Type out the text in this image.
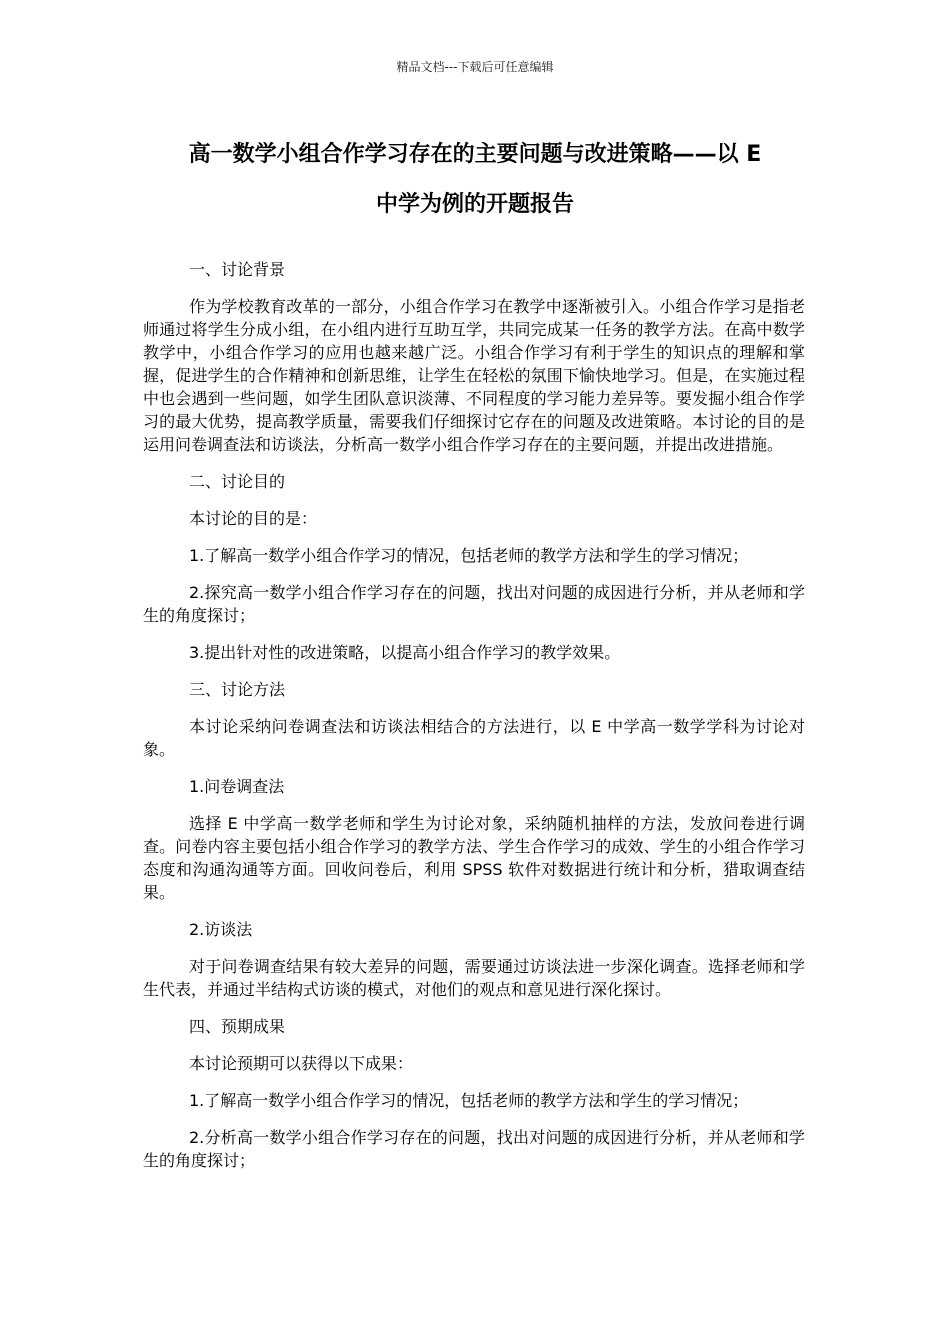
精品文档---下载后可任意编辑
高一数学小组合作学习存在的主要问题与改进策略——以 E
中学为例的开题报告

一、讨论背景

作为学校教育改革的一部分，小组合作学习在教学中逐渐被引入。小组合作学习是指老师通过将学生分成小组，在小组内进行互助互学，共同完成某一任务的教学方法。在高中数学教学中，小组合作学习的应用也越来越广泛。小组合作学习有利于学生的知识点的理解和掌握，促进学生的合作精神和创新思维，让学生在轻松的氛围下愉快地学习。但是，在实施过程中也会遇到一些问题，如学生团队意识淡薄、不同程度的学习能力差异等。要发掘小组合作学习的最大优势，提高教学质量，需要我们仔细探讨它存在的问题及改进策略。本讨论的目的是运用问卷调查法和访谈法，分析高一数学小组合作学习存在的主要问题，并提出改进措施。

二、讨论目的

本讨论的目的是：

1.了解高一数学小组合作学习的情况，包括老师的教学方法和学生的学习情况；

2.探究高一数学小组合作学习存在的问题，找出对问题的成因进行分析，并从老师和学生的角度探讨；

3.提出针对性的改进策略，以提高小组合作学习的教学效果。

三、讨论方法

本讨论采纳问卷调查法和访谈法相结合的方法进行，以 E 中学高一数学学科为讨论对象。

1.问卷调查法

选择 E 中学高一数学老师和学生为讨论对象，采纳随机抽样的方法，发放问卷进行调查。问卷内容主要包括小组合作学习的教学方法、学生合作学习的成效、学生的小组合作学习态度和沟通沟通等方面。回收问卷后，利用 SPSS 软件对数据进行统计和分析，猎取调查结果。

2.访谈法

对于问卷调查结果有较大差异的问题，需要通过访谈法进一步深化调查。选择老师和学生代表，并通过半结构式访谈的模式，对他们的观点和意见进行深化探讨。

四、预期成果

本讨论预期可以获得以下成果：

1.了解高一数学小组合作学习的情况，包括老师的教学方法和学生的学习情况；

2.分析高一数学小组合作学习存在的问题，找出对问题的成因进行分析，并从老师和学生的角度探讨；
